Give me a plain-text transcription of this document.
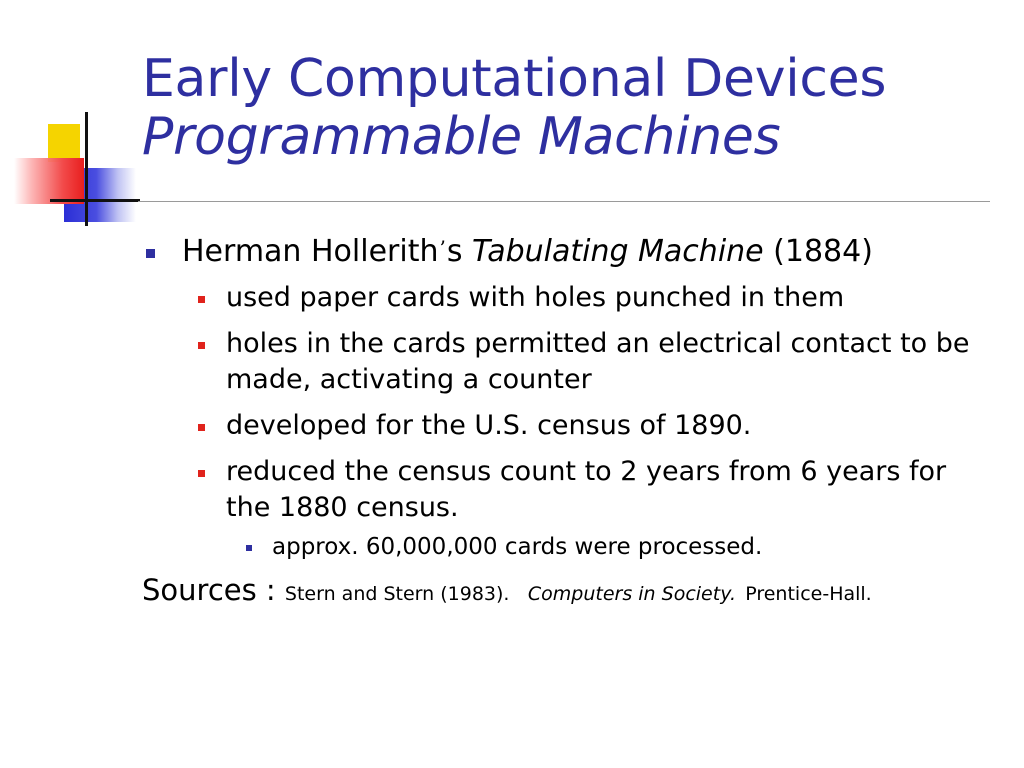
Early Computational Devices
Programmable Machines
Herman Hollerith’s Tabulating Machine (1884)
used paper cards with holes punched in them
holes in the cards permitted an electrical contact to be made, activating a counter
developed for the U.S. census of 1890.
reduced the census count to 2 years from 6 years for the 1880 census.
approx. 60,000,000 cards were processed.
Sources : Stern and Stern (1983). Computers in Society. Prentice-Hall.
